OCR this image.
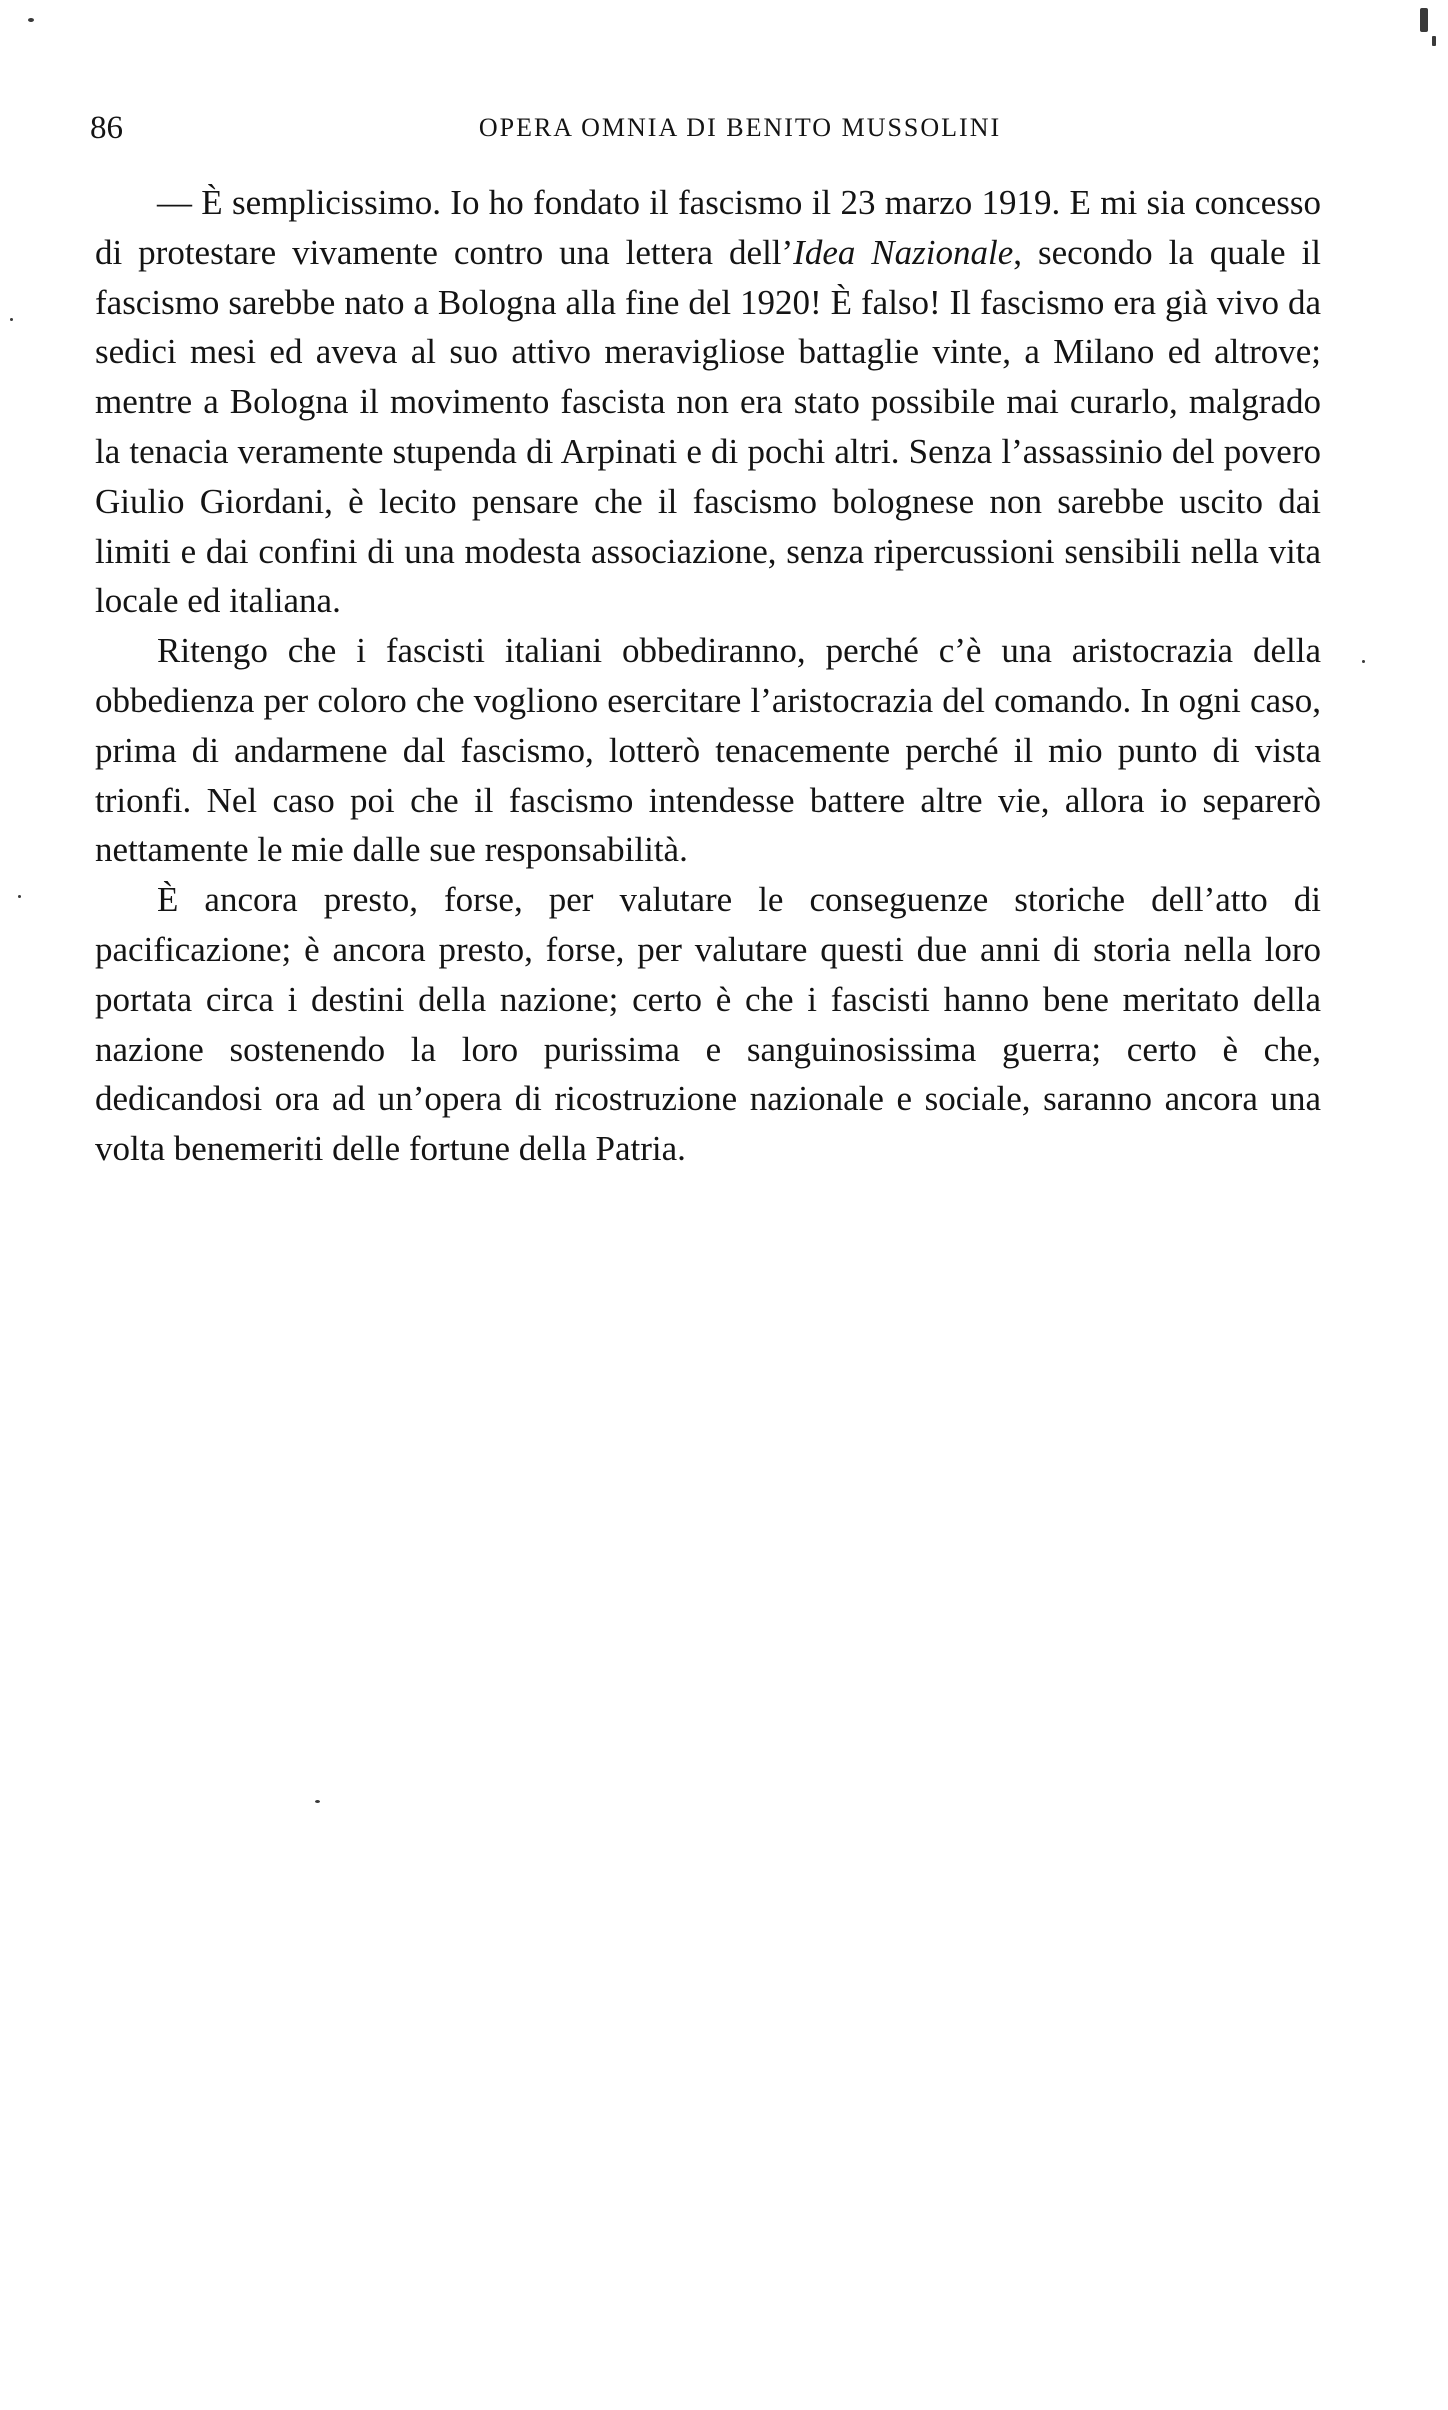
86	OPERA OMNIA DI BENITO MUSSOLINI

— È semplicissimo. Io ho fondato il fascismo il 23 marzo 1919. E mi sia concesso di protestare vivamente contro una lettera dell’Idea Nazionale, secondo la quale il fascismo sarebbe nato a Bologna alla fine del 1920! È falso! Il fascismo era già vivo da sedici mesi ed aveva al suo attivo meravigliose battaglie vinte, a Milano ed altrove; mentre a Bologna il movimento fascista non era stato possibile mai curarlo, malgrado la tenacia veramente stupenda di Arpinati e di pochi altri. Senza l’assassinio del povero Giulio Giordani, è lecito pensare che il fascismo bolognese non sarebbe uscito dai limiti e dai confini di una modesta associazione, senza ripercussioni sensibili nella vita locale ed italiana.

Ritengo che i fascisti italiani obbediranno, perché c’è una aristocrazia della obbedienza per coloro che vogliono esercitare l’aristocrazia del comando. In ogni caso, prima di andarmene dal fascismo, lotterò tenacemente perché il mio punto di vista trionfi. Nel caso poi che il fascismo intendesse battere altre vie, allora io separerò nettamente le mie dalle sue responsabilità.

È ancora presto, forse, per valutare le conseguenze storiche dell’atto di pacificazione; è ancora presto, forse, per valutare questi due anni di storia nella loro portata circa i destini della nazione; certo è che i fascisti hanno bene meritato della nazione sostenendo la loro purissima e sanguinosissima guerra; certo è che, dedicandosi ora ad un’opera di ricostruzione nazionale e sociale, saranno ancora una volta benemeriti delle fortune della Patria.
